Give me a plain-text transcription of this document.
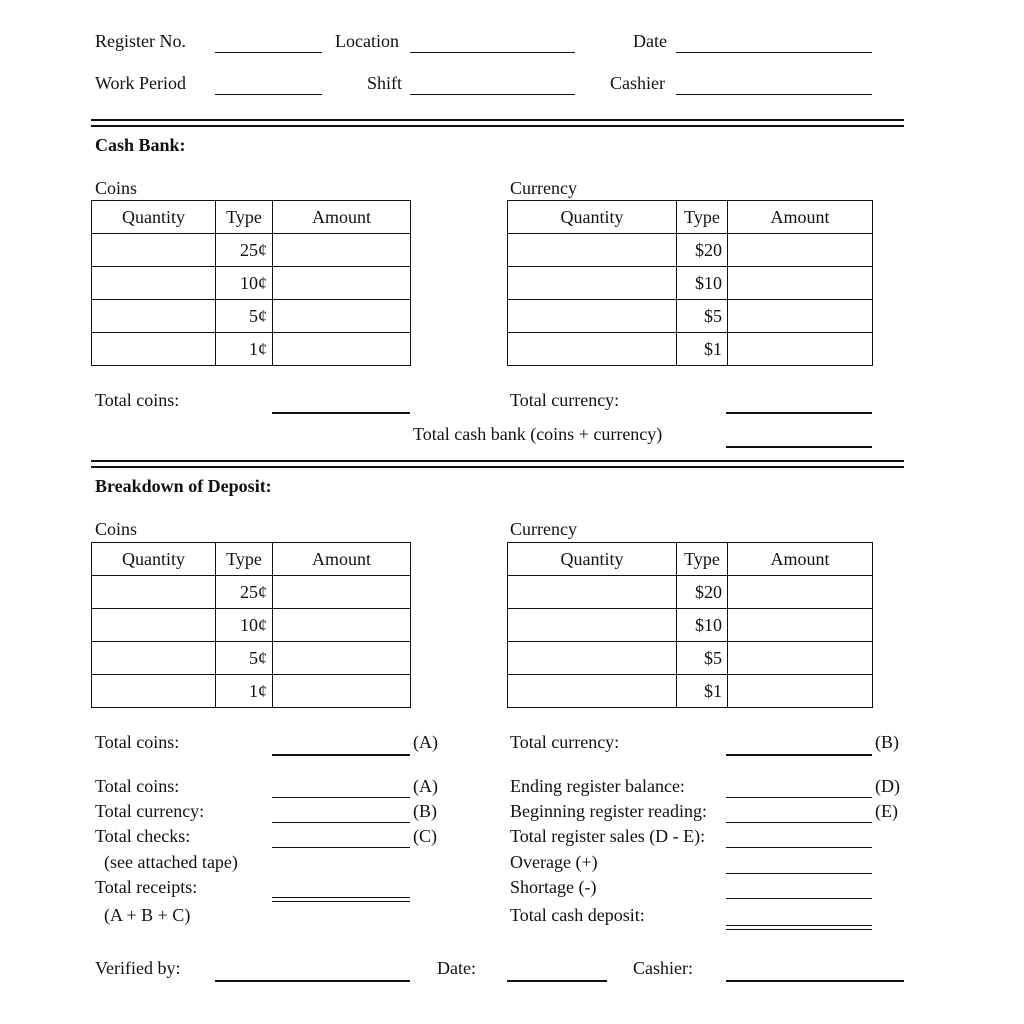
Register No.	Location	Date
Work Period	Shift	Cashier
Cash Bank:
Coins	Currency
Quantity	Type	Amount
	25¢	
	10¢	
	5¢	
	1¢	
Quantity	Type	Amount
	$20	
	$10	
	$5	
	$1	
Total coins:	Total currency:
Total cash bank (coins + currency)
Breakdown of Deposit:
Coins	Currency
Quantity	Type	Amount
	25¢	
	10¢	
	5¢	
	1¢	
Quantity	Type	Amount
	$20	
	$10	
	$5	
	$1	
Total coins:	(A)	Total currency:	(B)
Total coins:	(A)
Total currency:	(B)
Total checks:	(C)
(see attached tape)
Total receipts:
(A + B + C)
Ending register balance:	(D)
Beginning register reading:	(E)
Total register sales (D - E):
Overage (+)
Shortage (-)
Total cash deposit:
Verified by:	Date:	Cashier:
